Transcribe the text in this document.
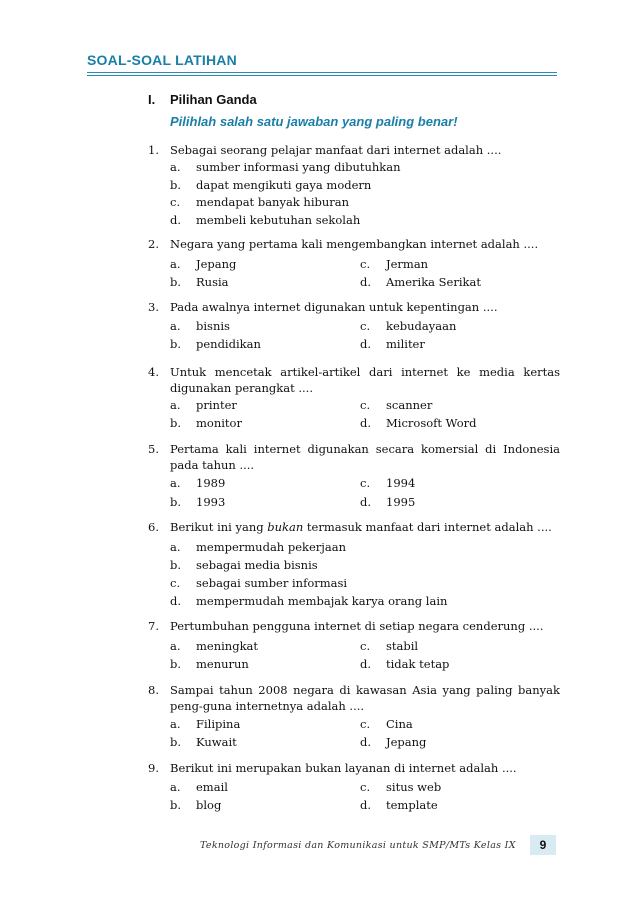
SOAL-SOAL LATIHAN
I. Pilihan Ganda
Pilihlah salah satu jawaban yang paling benar!
1. Sebagai seorang pelajar manfaat dari internet adalah ....
a. sumber informasi yang dibutuhkan
b. dapat mengikuti gaya modern
c. mendapat banyak hiburan
d. membeli kebutuhan sekolah
2. Negara yang pertama kali mengembangkan internet adalah ....
a. Jepang	c. Jerman
b. Rusia	d. Amerika Serikat
3. Pada awalnya internet digunakan untuk kepentingan ....
a. bisnis	c. kebudayaan
b. pendidikan	d. militer
4. Untuk mencetak artikel-artikel dari internet ke media kertas digunakan perangkat ....
a. printer	c. scanner
b. monitor	d. Microsoft Word
5. Pertama kali internet digunakan secara komersial di Indonesia pada tahun ....
a. 1989	c. 1994
b. 1993	d. 1995
6. Berikut ini yang bukan termasuk manfaat dari internet adalah ....
a. mempermudah pekerjaan
b. sebagai media bisnis
c. sebagai sumber informasi
d. mempermudah membajak karya orang lain
7. Pertumbuhan pengguna internet di setiap negara cenderung ....
a. meningkat	c. stabil
b. menurun	d. tidak tetap
8. Sampai tahun 2008 negara di kawasan Asia yang paling banyak peng-guna internetnya adalah ....
a. Filipina	c. Cina
b. Kuwait	d. Jepang
9. Berikut ini merupakan bukan layanan di internet adalah ....
a. email	c. situs web
b. blog	d. template
Teknologi Informasi dan Komunikasi untuk SMP/MTs Kelas IX	9
